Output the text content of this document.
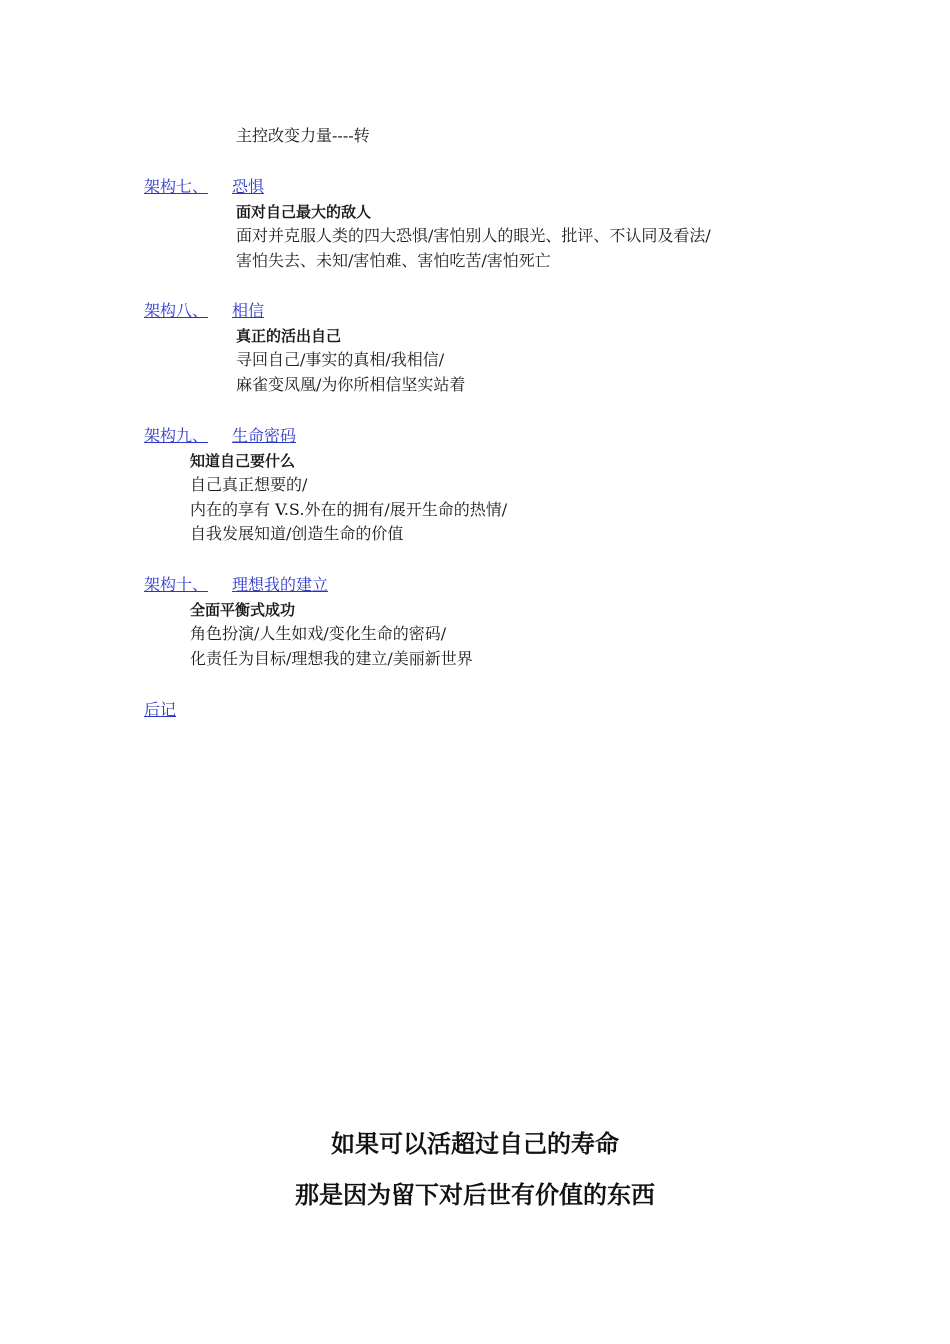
主控改变力量----转
架构七、 恐惧
面对自己最大的敌人
面对并克服人类的四大恐惧/害怕别人的眼光、批评、不认同及看法/
害怕失去、未知/害怕难、害怕吃苦/害怕死亡
架构八、 相信
真正的活出自己
寻回自己/事实的真相/我相信/
麻雀变凤凰/为你所相信坚实站着
架构九、 生命密码
知道自己要什么
自己真正想要的/
内在的享有 V.S.外在的拥有/展开生命的热情/
自我发展知道/创造生命的价值
架构十、 理想我的建立
全面平衡式成功
角色扮演/人生如戏/变化生命的密码/
化责任为目标/理想我的建立/美丽新世界
后记
如果可以活超过自己的寿命
那是因为留下对后世有价值的东西
